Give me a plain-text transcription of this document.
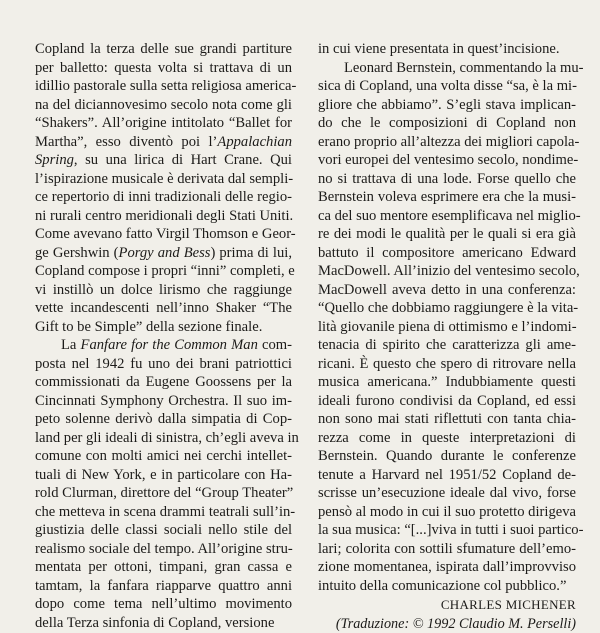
Copland la terza delle sue grandi partiture
per balletto: questa volta si trattava di un
idillio pastorale sulla setta religiosa america-
na del diciannovesimo secolo nota come gli
“Shakers”. All’origine intitolato “Ballet for
Martha”, esso diventò poi l’Appalachian
Spring, su una lirica di Hart Crane. Qui
l’ispirazione musicale è derivata dal sempli-
ce repertorio di inni tradizionali delle regio-
ni rurali centro meridionali degli Stati Uniti.
Come avevano fatto Virgil Thomson e Geor-
ge Gershwin (Porgy and Bess) prima di lui,
Copland compose i propri “inni” completi, e
vi instillò un dolce lirismo che raggiunge
vette incandescenti nell’inno Shaker “The
Gift to be Simple” della sezione finale.
La Fanfare for the Common Man com-
posta nel 1942 fu uno dei brani patriottici
commissionati da Eugene Goossens per la
Cincinnati Symphony Orchestra. Il suo im-
peto solenne derivò dalla simpatia di Cop-
land per gli ideali di sinistra, ch’egli aveva in
comune con molti amici nei cerchi intellet-
tuali di New York, e in particolare con Ha-
rold Clurman, direttore del “Group Theater”
che metteva in scena drammi teatrali sull’in-
giustizia delle classi sociali nello stile del
realismo sociale del tempo. All’origine stru-
mentata per ottoni, timpani, gran cassa e
tamtam, la fanfara riapparve quattro anni
dopo come tema nell’ultimo movimento
della Terza sinfonia di Copland, versione
in cui viene presentata in quest’incisione.
Leonard Bernstein, commentando la mu-
sica di Copland, una volta disse “sa, è la mi-
gliore che abbiamo”. S’egli stava implican-
do che le composizioni di Copland non
erano proprio all’altezza dei migliori capola-
vori europei del ventesimo secolo, nondime-
no si trattava di una lode. Forse quello che
Bernstein voleva esprimere era che la musi-
ca del suo mentore esemplificava nel miglio-
re dei modi le qualità per le quali si era già
battuto il compositore americano Edward
MacDowell. All’inizio del ventesimo secolo,
MacDowell aveva detto in una conferenza:
“Quello che dobbiamo raggiungere è la vita-
lità giovanile piena di ottimismo e l’indomi-
tenacia di spirito che caratterizza gli ame-
ricani. È questo che spero di ritrovare nella
musica americana.” Indubbiamente questi
ideali furono condivisi da Copland, ed essi
non sono mai stati riflettuti con tanta chia-
rezza come in queste interpretazioni di
Bernstein. Quando durante le conferenze
tenute a Harvard nel 1951/52 Copland de-
scrisse un’esecuzione ideale dal vivo, forse
pensò al modo in cui il suo protetto dirigeva
la sua musica: “[...]viva in tutti i suoi partico-
lari; colorita con sottili sfumature dell’emo-
zione momentanea, ispirata dall’improvviso
intuito della comunicazione col pubblico.”
CHARLES MICHENER
(Traduzione: © 1992 Claudio M. Perselli)
